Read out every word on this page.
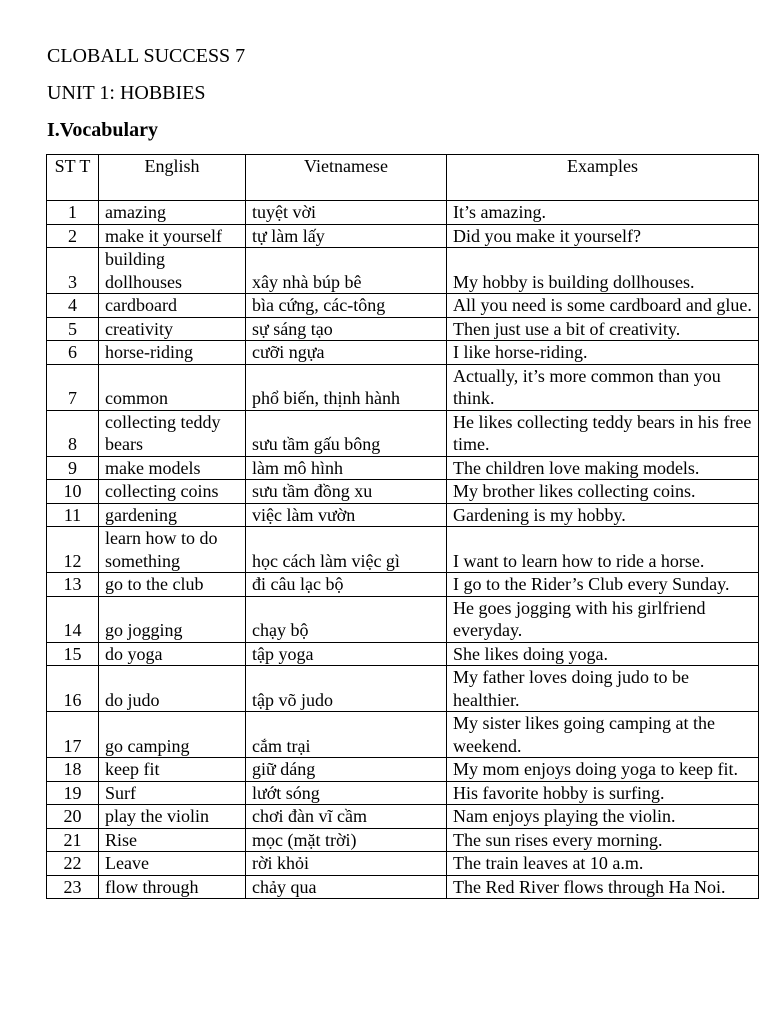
CLOBALL SUCCESS 7
UNIT 1: HOBBIES
I.Vocabulary
ST T	English	Vietnamese	Examples
1	amazing	tuyệt vời	It’s amazing.
2	make it yourself	tự làm lấy	Did you make it yourself?
3	building dollhouses	xây nhà búp bê	My hobby is building dollhouses.
4	cardboard	bìa cứng, các-tông	All you need is some cardboard and glue.
5	creativity	sự sáng tạo	Then just use a bit of creativity.
6	horse-riding	cưỡi ngựa	I like horse-riding.
7	common	phổ biến, thịnh hành	Actually, it’s more common than you think.
8	collecting teddy bears	sưu tầm gấu bông	He likes collecting teddy bears in his free time.
9	make models	làm mô hình	The children love making models.
10	collecting coins	sưu tầm đồng xu	My brother likes collecting coins.
11	gardening	việc làm vườn	Gardening is my hobby.
12	learn how to do something	học cách làm việc gì	I want to learn how to ride a horse.
13	go to the club	đi câu lạc bộ	I go to the Rider’s Club every Sunday.
14	go jogging	chạy bộ	He goes jogging with his girlfriend everyday.
15	do yoga	tập yoga	She likes doing yoga.
16	do judo	tập võ judo	My father loves doing judo to be healthier.
17	go camping	cắm trại	My sister likes going camping at the weekend.
18	keep fit	giữ dáng	My mom enjoys doing yoga to keep fit.
19	Surf	lướt sóng	His favorite hobby is surfing.
20	play the violin	chơi đàn vĩ cầm	Nam enjoys playing the violin.
21	Rise	mọc (mặt trời)	The sun rises every morning.
22	Leave	rời khỏi	The train leaves at 10 a.m.
23	flow through	chảy qua	The Red River flows through Ha Noi.
